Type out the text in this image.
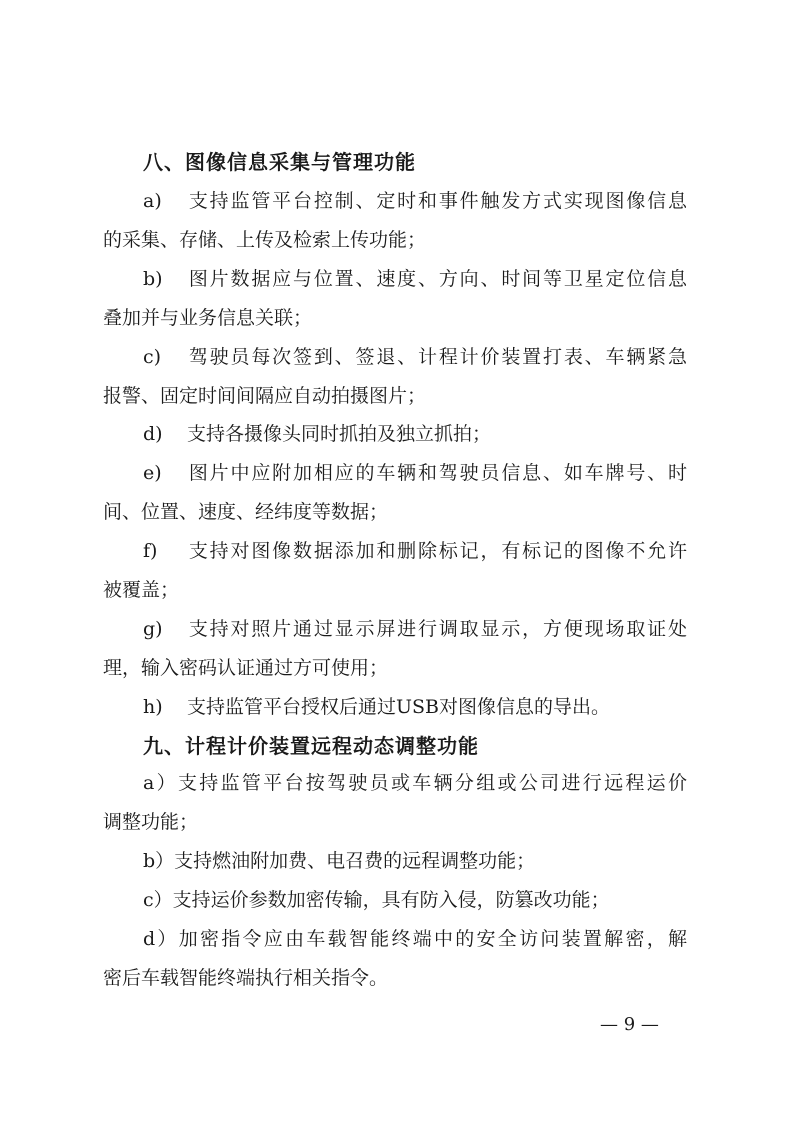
八、图像信息采集与管理功能
a) 支持监管平台控制、定时和事件触发方式实现图像信息
的采集、存储、上传及检索上传功能；
b) 图片数据应与位置、速度、方向、时间等卫星定位信息
叠加并与业务信息关联；
c) 驾驶员每次签到、签退、计程计价装置打表、车辆紧急
报警、固定时间间隔应自动拍摄图片；
d) 支持各摄像头同时抓拍及独立抓拍；
e) 图片中应附加相应的车辆和驾驶员信息、如车牌号、时
间、位置、速度、经纬度等数据；
f) 支持对图像数据添加和删除标记，有标记的图像不允许
被覆盖；
g) 支持对照片通过显示屏进行调取显示，方便现场取证处
理，输入密码认证通过方可使用；
h) 支持监管平台授权后通过USB对图像信息的导出。
九、计程计价装置远程动态调整功能
a）支持监管平台按驾驶员或车辆分组或公司进行远程运价
调整功能；
b）支持燃油附加费、电召费的远程调整功能；
c）支持运价参数加密传输，具有防入侵，防篡改功能；
d）加密指令应由车载智能终端中的安全访问装置解密，解
密后车载智能终端执行相关指令。
— 9 —
